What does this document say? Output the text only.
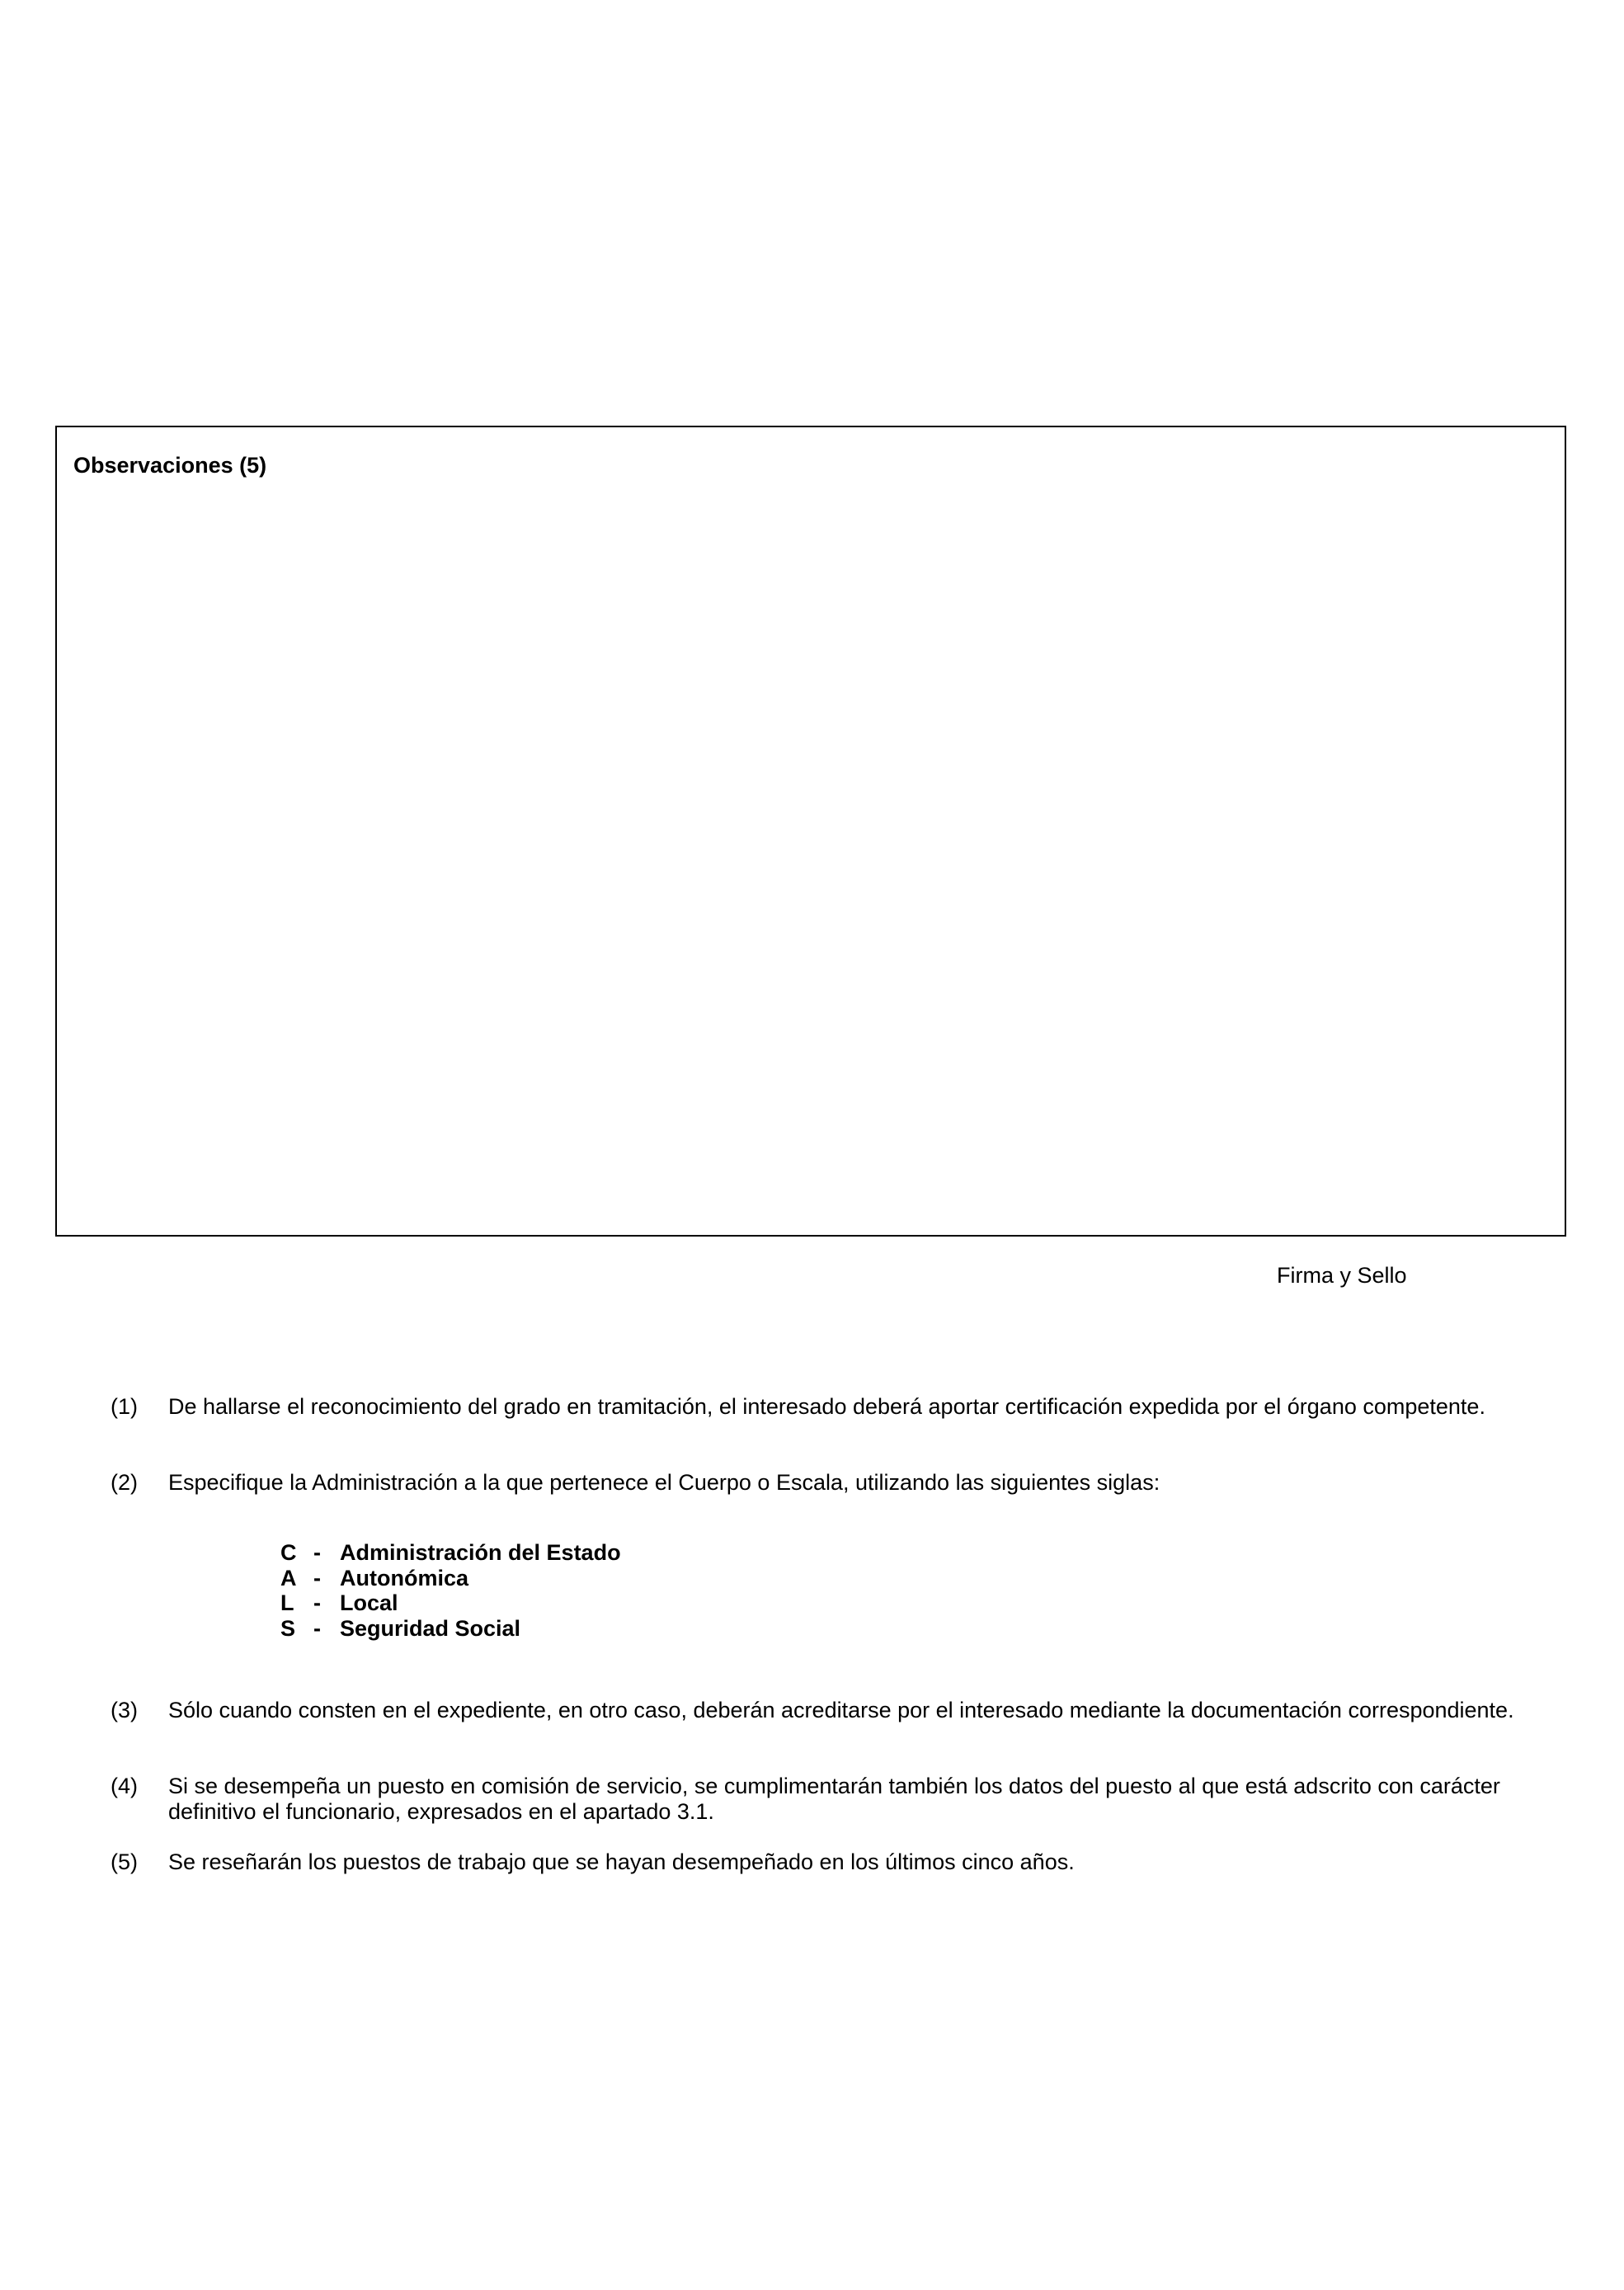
Observaciones (5)
Firma y Sello
(1) De hallarse el reconocimiento del grado en tramitación, el interesado deberá aportar certificación expedida por el órgano competente.
(2) Especifique la Administración a la que pertenece el Cuerpo o Escala, utilizando las siguientes siglas:
C - Administración del Estado
A - Autonómica
L - Local
S - Seguridad Social
(3) Sólo cuando consten en el expediente, en otro caso, deberán acreditarse por el interesado mediante la documentación correspondiente.
(4) Si se desempeña un puesto en comisión de servicio, se cumplimentarán también los datos del puesto al que está adscrito con carácter definitivo el funcionario, expresados en el apartado 3.1.
(5) Se reseñarán los puestos de trabajo que se hayan desempeñado en los últimos cinco años.
